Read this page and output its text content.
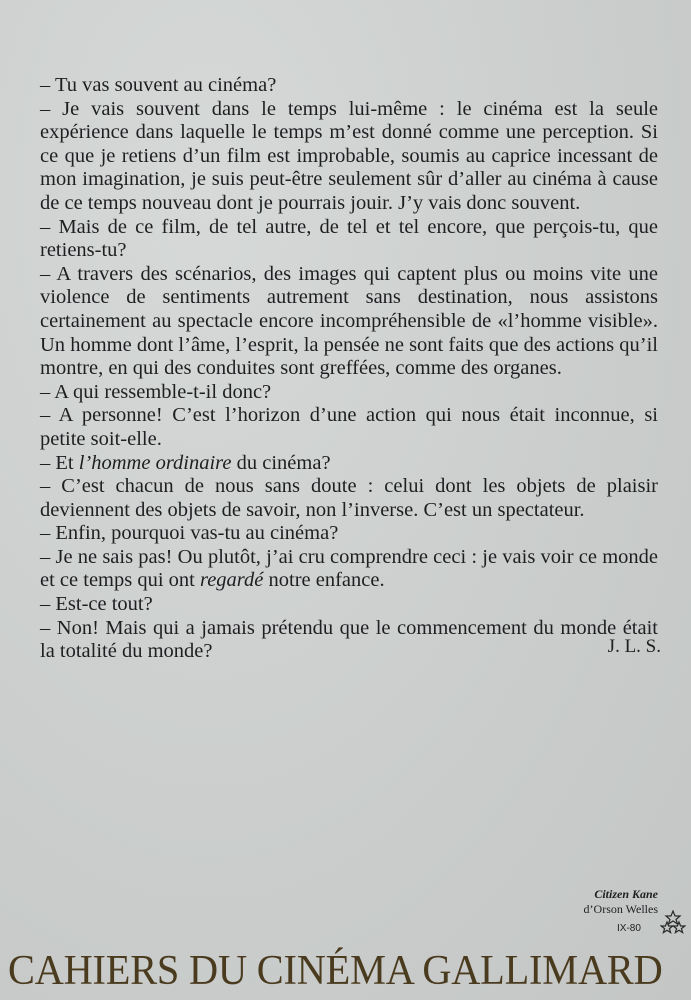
– Tu vas souvent au cinéma?

– Je vais souvent dans le temps lui-même : le cinéma est la seule expérience dans laquelle le temps m’est donné comme une perception. Si ce que je retiens d’un film est improbable, soumis au caprice incessant de mon imagination, je suis peut-être seulement sûr d’aller au cinéma à cause de ce temps nouveau dont je pourrais jouir. J’y vais donc souvent.

– Mais de ce film, de tel autre, de tel et tel encore, que perçois-tu, que retiens-tu?

– A travers des scénarios, des images qui captent plus ou moins vite une violence de sentiments autrement sans destination, nous assistons certainement au spectacle encore incompréhensible de «l’homme visible». Un homme dont l’âme, l’esprit, la pensée ne sont faits que des actions qu’il montre, en qui des conduites sont greffées, comme des organes.

– A qui ressemble-t-il donc?

– A personne! C’est l’horizon d’une action qui nous était inconnue, si petite soit-elle.

– Et l’homme ordinaire du cinéma?

– C’est chacun de nous sans doute : celui dont les objets de plaisir deviennent des objets de savoir, non l’inverse. C’est un spectateur.

– Enfin, pourquoi vas-tu au cinéma?

– Je ne sais pas! Ou plutôt, j’ai cru comprendre ceci : je vais voir ce monde et ce temps qui ont regardé notre enfance.

– Est-ce tout?

– Non! Mais qui a jamais prétendu que le commencement du monde était la totalité du monde?	J. L. S.
Citizen Kane
d’Orson Welles
IX-80
CAHIERS DU CINÉMA GALLIMARD
